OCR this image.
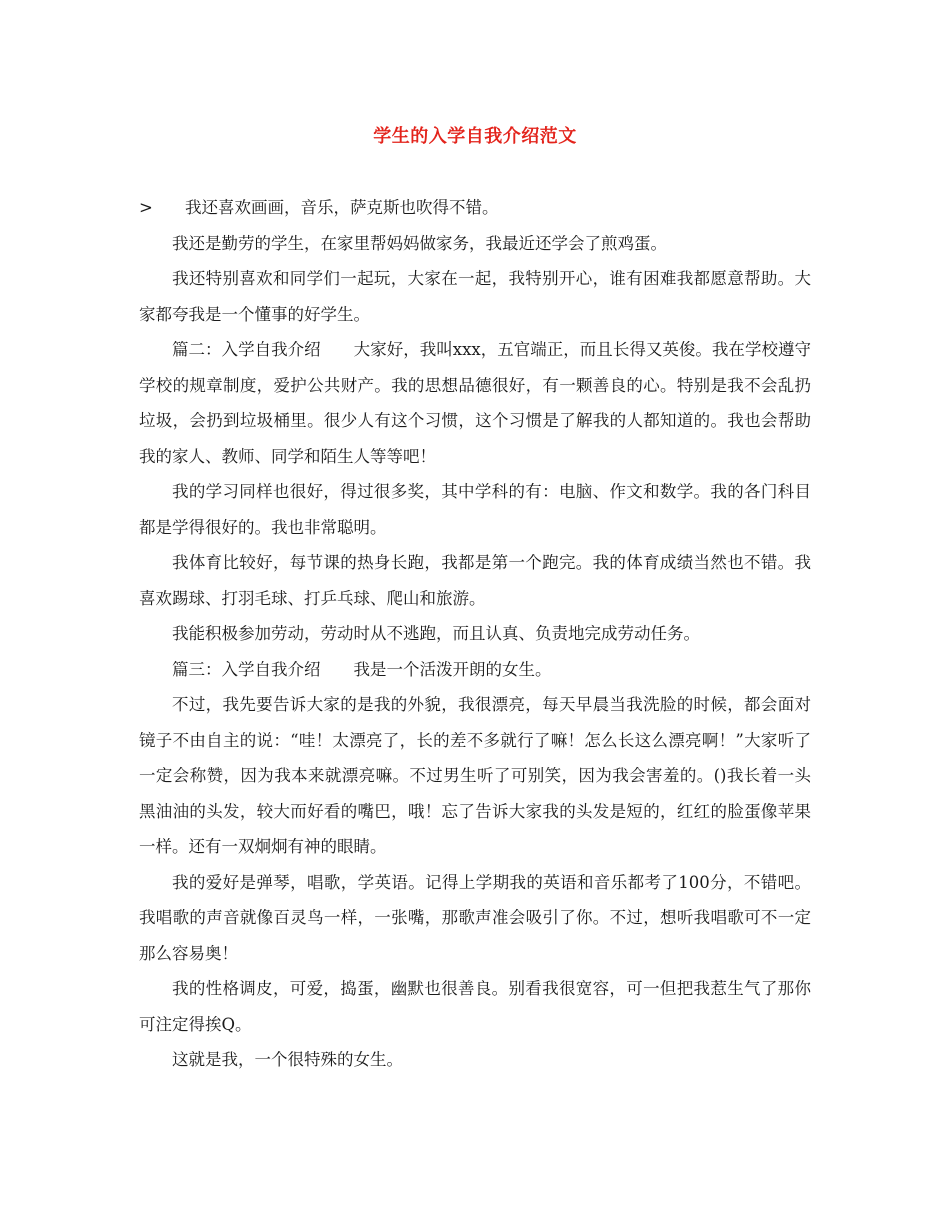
学生的入学自我介绍范文
>	我还喜欢画画，音乐，萨克斯也吹得不错。

我还是勤劳的学生，在家里帮妈妈做家务，我最近还学会了煎鸡蛋。

我还特别喜欢和同学们一起玩，大家在一起，我特别开心，谁有困难我都愿意帮助。大家都夸我是一个懂事的好学生。

篇二：入学自我介绍　　大家好，我叫xxx，五官端正，而且长得又英俊。我在学校遵守学校的规章制度，爱护公共财产。我的思想品德很好，有一颗善良的心。特别是我不会乱扔垃圾，会扔到垃圾桶里。很少人有这个习惯，这个习惯是了解我的人都知道的。我也会帮助我的家人、教师、同学和陌生人等等吧！

我的学习同样也很好，得过很多奖，其中学科的有：电脑、作文和数学。我的各门科目都是学得很好的。我也非常聪明。

我体育比较好，每节课的热身长跑，我都是第一个跑完。我的体育成绩当然也不错。我喜欢踢球、打羽毛球、打乒乓球、爬山和旅游。

我能积极参加劳动，劳动时从不逃跑，而且认真、负责地完成劳动任务。

篇三：入学自我介绍　　我是一个活泼开朗的女生。

不过，我先要告诉大家的是我的外貌，我很漂亮，每天早晨当我洗脸的时候，都会面对镜子不由自主的说：“哇！太漂亮了，长的差不多就行了嘛！怎么长这么漂亮啊！”大家听了一定会称赞，因为我本来就漂亮嘛。不过男生听了可别笑，因为我会害羞的。()我长着一头黑油油的头发，较大而好看的嘴巴，哦！忘了告诉大家我的头发是短的，红红的脸蛋像苹果一样。还有一双炯炯有神的眼睛。

我的爱好是弹琴，唱歌，学英语。记得上学期我的英语和音乐都考了100分，不错吧。我唱歌的声音就像百灵鸟一样，一张嘴，那歌声准会吸引了你。不过，想听我唱歌可不一定那么容易奥！

我的性格调皮，可爱，捣蛋，幽默也很善良。别看我很宽容，可一但把我惹生气了那你可注定得挨Q。

这就是我，一个很特殊的女生。
